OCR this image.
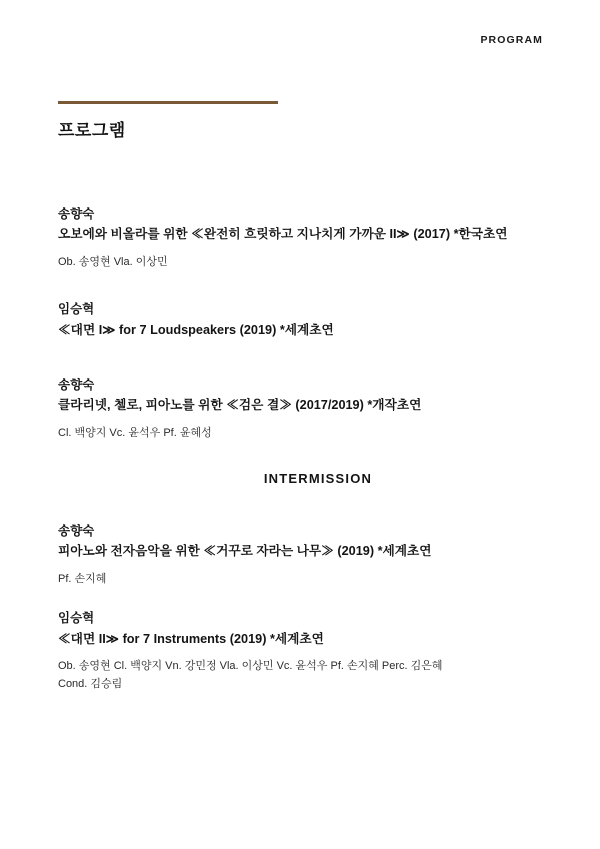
PROGRAM
프로그램

송향숙

오보에와 비올라를 위한 ≪완전히 흐릿하고 지나치게 가까운 II≫ (2017) *한국초연

Ob. 송영현 Vla. 이상민

임승혁

≪대면 I≫ for 7 Loudspeakers (2019) *세계초연

송향숙

클라리넷, 첼로, 피아노를 위한 ≪검은 결≫ (2017/2019) *개작초연

Cl. 백양지 Vc. 윤석우 Pf. 윤혜성

INTERMISSION

송향숙

피아노와 전자음악을 위한 ≪거꾸로 자라는 나무≫ (2019) *세계초연

Pf. 손지혜

임승혁

≪대면 II≫ for 7 Instruments (2019) *세계초연

Ob. 송영현 Cl. 백양지 Vn. 강민정 Vla. 이상민 Vc. 윤석우 Pf. 손지혜 Perc. 김은혜

Cond. 김승림
